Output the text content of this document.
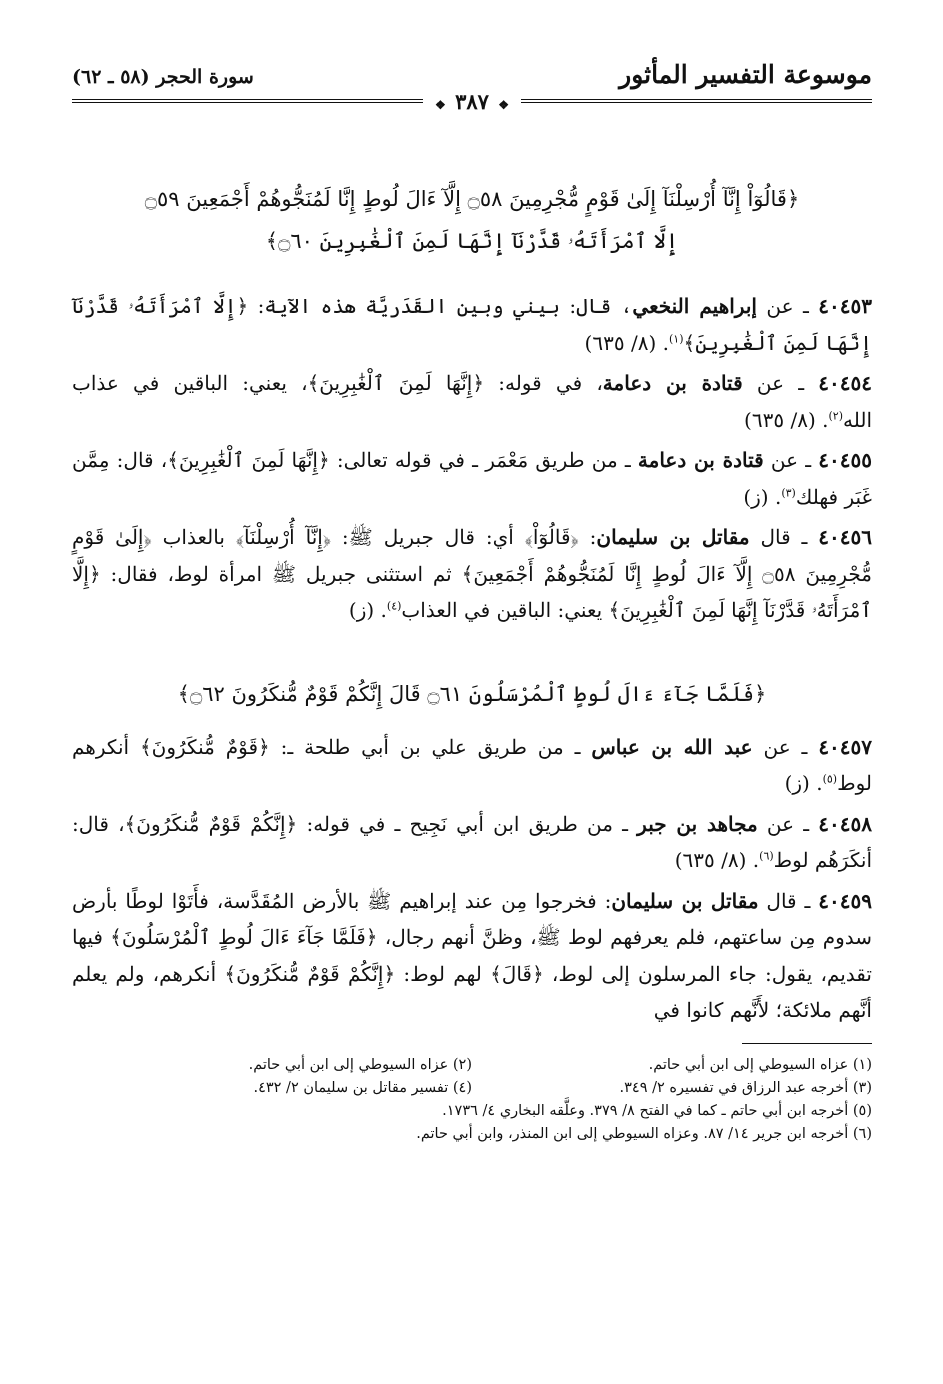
موسوعة التفسير المأثور
سورة الحجر (٥٨ ـ ٦٢)
❖ ٣٨٧ ❖
﴿قَالُوٓاْ إِنَّآ أُرْسِلْنَآ إِلَىٰ قَوْمٍ مُّجْرِمِينَ ۝٥٨ إِلَّآ ءَالَ لُوطٍ إِنَّا لَمُنَجُّوهُمْ أَجْمَعِينَ ۝٥٩
إِلَّا ٱمْرَأَتَهُۥ قَدَّرْنَآ إِنَّهَا لَمِنَ ٱلْغَٰبِرِينَ ۝٦٠﴾

٤٠٤٥٣ ـ عن إبراهيم النخعي، قال: بيني وبين القَدَريَّة هذه الآية: ﴿إِلَّا ٱمْرَأَتَهُۥ قَدَّرْنَآ إِنَّهَا لَمِنَ ٱلْغَٰبِرِينَ﴾$^{(١)}$. (٨/ ٦٣٥)

٤٠٤٥٤ ـ عن قتادة بن دعامة، في قوله: ﴿إِنَّهَا لَمِنَ ٱلْغَٰبِرِينَ﴾، يعني: الباقين في عذاب الله$^{(٢)}$. (٨/ ٦٣٥)

٤٠٤٥٥ ـ عن قتادة بن دعامة ـ من طريق مَعْمَر ـ في قوله تعالى: ﴿إِنَّهَا لَمِنَ ٱلْغَٰبِرِينَ﴾، قال: مِمَّن غَبَر فهلك$^{(٣)}$. (ز)

٤٠٤٥٦ ـ قال مقاتل بن سليمان: ﴿قَالُوٓاْ﴾ أي: قال جبريل ﷺ: ﴿إِنَّآ أُرْسِلْنَآ﴾ بالعذاب ﴿إِلَىٰ قَوْمٍ مُّجْرِمِينَ ۝٥٨ إِلَّآ ءَالَ لُوطٍ إِنَّا لَمُنَجُّوهُمْ أَجْمَعِينَ﴾ ثم استثنى جبريل ﷺ امرأة لوط، فقال: ﴿إِلَّا ٱمْرَأَتَهُۥ قَدَّرْنَآ إِنَّهَا لَمِنَ ٱلْغَٰبِرِينَ﴾ يعني: الباقين في العذاب$^{(٤)}$. (ز)

﴿فَلَمَّا جَآءَ ءَالَ لُوطٍ ٱلْمُرْسَلُونَ ۝٦١ قَالَ إِنَّكُمْ قَوْمٌ مُّنكَرُونَ ۝٦٢﴾

٤٠٤٥٧ ـ عن عبد الله بن عباس ـ من طريق علي بن أبي طلحة ـ: ﴿قَوْمٌ مُّنكَرُونَ﴾ أنكرهم لوط$^{(٥)}$. (ز)

٤٠٤٥٨ ـ عن مجاهد بن جبر ـ من طريق ابن أبي نَجِيح ـ في قوله: ﴿إِنَّكُمْ قَوْمٌ مُّنكَرُونَ﴾، قال: أنكَرَهُم لوط$^{(٦)}$. (٨/ ٦٣٥)

٤٠٤٥٩ ـ قال مقاتل بن سليمان: فخرجوا مِن عند إبراهيم ﷺ بالأرض المُقَدَّسة، فأَتَوْا لوطًا بأرض سدوم مِن ساعتهم، فلم يعرفهم لوط ﷺ، وظنَّ أنهم رجال، ﴿فَلَمَّا جَآءَ ءَالَ لُوطٍ ٱلْمُرْسَلُونَ﴾ فيها تقديم، يقول: جاء المرسلون إلى لوط، ﴿قَالَ﴾ لهم لوط: ﴿إِنَّكُمْ قَوْمٌ مُّنكَرُونَ﴾ أنكرهم، ولم يعلم أنَّهم ملائكة؛ لأَنَّهم كانوا في

(١) عزاه السيوطي إلى ابن أبي حاتم.
(٢) عزاه السيوطي إلى ابن أبي حاتم.
(٣) أخرجه عبد الرزاق في تفسيره ٢/ ٣٤٩.
(٤) تفسير مقاتل بن سليمان ٢/ ٤٣٢.
(٥) أخرجه ابن أبي حاتم ـ كما في الفتح ٨/ ٣٧٩. وعلَّقه البخاري ٤/ ١٧٣٦.
(٦) أخرجه ابن جرير ١٤/ ٨٧. وعزاه السيوطي إلى ابن المنذر، وابن أبي حاتم.
